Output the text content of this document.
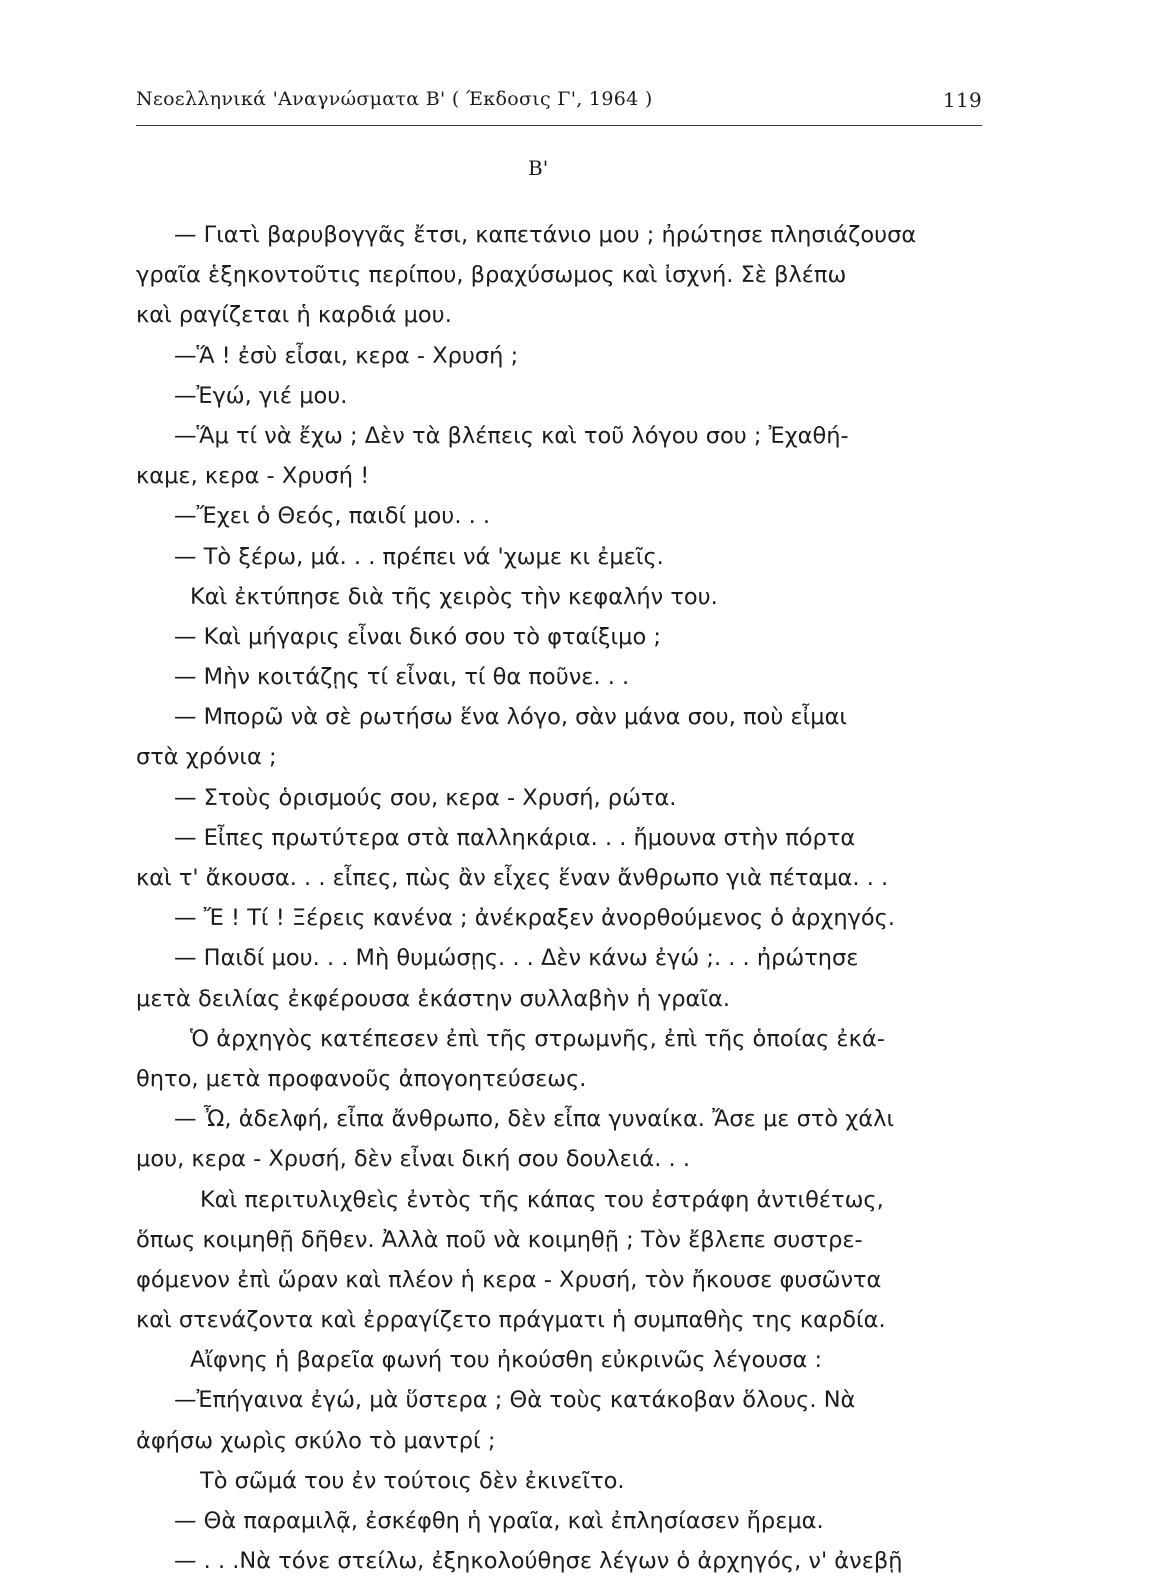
Νεοελληνικά 'Αναγνώσματα Β' ( Έκδοσις Γ', 1964 )	119
Β'
— Γιατὶ βαρυβογγᾶς ἔτσι, καπετάνιο μου ; ἠρώτησε πλησιάζουσα
γραῖα ἑξηκοντοῦτις περίπου, βραχύσωμος καὶ ἰσχνή. Σὲ βλέπω
καὶ ραγίζεται ἡ καρδιά μου.
—Ἅ ! ἐσὺ εἶσαι, κερα - Χρυσή ;
—Ἐγώ, γιέ μου.
—Ἅμ τί νὰ ἔχω ; Δὲν τὰ βλέπεις καὶ τοῦ λόγου σου ; Ἐχαθή-
καμε, κερα - Χρυσή !
—Ἔχει ὁ Θεός, παιδί μου. . .
— Τὸ ξέρω, μά. . . πρέπει νά 'χωμε κι ἐμεῖς.
Καὶ ἐκτύπησε διὰ τῆς χειρὸς τὴν κεφαλήν του.
— Καὶ μήγαρις εἶναι δικό σου τὸ φταίξιμο ;
— Μὴν κοιτάζῃς τί εἶναι, τί θα ποῦνε. . .
— Μπορῶ νὰ σὲ ρωτήσω ἕνα λόγο, σὰν μάνα σου, ποὺ εἶμαι
στὰ χρόνια ;
— Στοὺς ὁρισμούς σου, κερα - Χρυσή, ρώτα.
— Εἶπες πρωτύτερα στὰ παλληκάρια. . . ἤμουνα στὴν πόρτα
καὶ τ' ἄκουσα. . . εἶπες, πὼς ἂν εἶχες ἕναν ἄνθρωπο γιὰ πέταμα. . .
— Ἔ ! Τί ! Ξέρεις κανένα ; ἀνέκραξεν ἀνορθούμενος ὁ ἀρχηγός.
— Παιδί μου. . . Μὴ θυμώσῃς. . . Δὲν κάνω ἐγώ ;. . . ἠρώτησε
μετὰ δειλίας ἐκφέρουσα ἑκάστην συλλαβὴν ἡ γραῖα.
Ὁ ἀρχηγὸς κατέπεσεν ἐπὶ τῆς στρωμνῆς, ἐπὶ τῆς ὁποίας ἐκά-
θητο, μετὰ προφανοῦς ἀπογοητεύσεως.
— Ὦ, ἀδελφή, εἶπα ἄνθρωπο, δὲν εἶπα γυναίκα. Ἄσε με στὸ χάλι
μου, κερα - Χρυσή, δὲν εἶναι δική σου δουλειά. . .
Καὶ περιτυλιχθεὶς ἐντὸς τῆς κάπας του ἐστράφη ἀντιθέτως,
ὅπως κοιμηθῇ δῆθεν. Ἀλλὰ ποῦ νὰ κοιμηθῇ ; Τὸν ἔβλεπε συστρε-
φόμενον ἐπὶ ὥραν καὶ πλέον ἡ κερα - Χρυσή, τὸν ἤκουσε φυσῶντα
καὶ στενάζοντα καὶ ἐρραγίζετο πράγματι ἡ συμπαθὴς της καρδία.
Αἴφνης ἡ βαρεῖα φωνή του ἠκούσθη εὐκρινῶς λέγουσα :
—Ἐπήγαινα ἐγώ, μὰ ὕστερα ; Θὰ τοὺς κατάκοβαν ὅλους. Νὰ
ἀφήσω χωρὶς σκύλο τὸ μαντρί ;
Τὸ σῶμά του ἐν τούτοις δὲν ἐκινεῖτο.
— Θὰ παραμιλᾷ, ἐσκέφθη ἡ γραῖα, καὶ ἐπλησίασεν ἤρεμα.
— . . .Νὰ τόνε στείλω, ἐξηκολούθησε λέγων ὁ ἀρχηγός, ν' ἀνεβῇ
